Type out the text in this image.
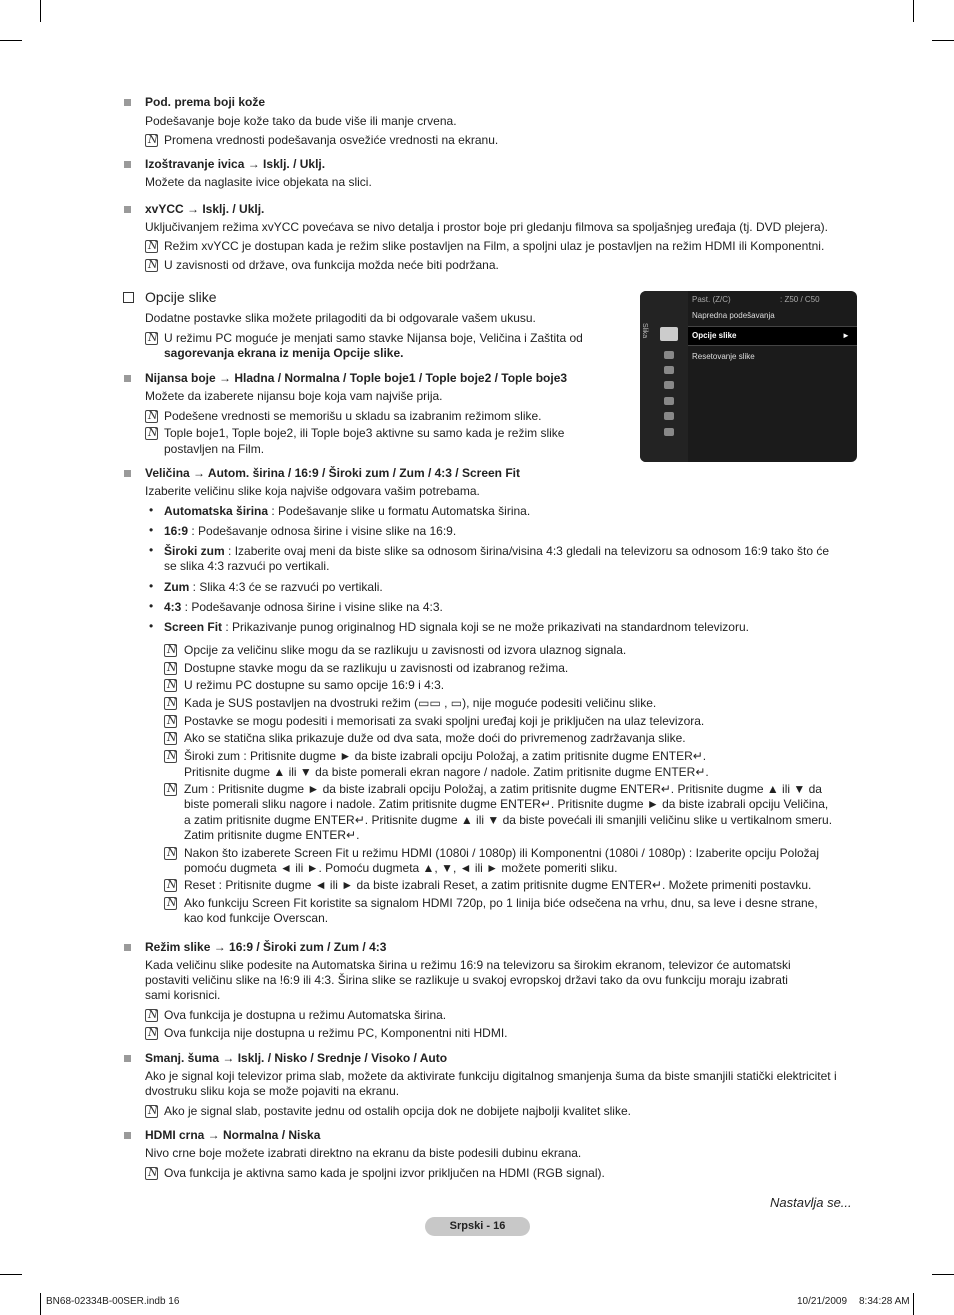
Pod. prema boji kože
Podešavanje boje kože tako da bude više ili manje crvena.
N
Promena vrednosti podešavanja osvežiće vrednosti na ekranu.
Izoštravanje ivica → Isklj. / Uklj.
Možete da naglasite ivice objekata na slici.
xvYCC → Isklj. / Uklj.
Uključivanjem režima xvYCC povećava se nivo detalja i prostor boje pri gledanju filmova sa spoljašnjeg uređaja (tj. DVD plejera).
N
Režim xvYCC je dostupan kada je režim slike postavljen na Film, a spoljni ulaz je postavljen na režim HDMI ili Komponentni.
N
U zavisnosti od države, ova funkcija možda neće biti podržana.
Opcije slike
Dodatne postavke slika možete prilagoditi da bi odgovarale vašem ukusu.
N
U režimu PC moguće je menjati samo stavke Nijansa boje, Veličina i Zaštita od
sagorevanja ekrana iz menija Opcije slike.
Slika
Past. (Z/C)	: Z50 / C50
Napredna podešavanja
Opcije slike	►
Resetovanje slike
Nijansa boje → Hladna / Normalna / Tople boje1 / Tople boje2 / Tople boje3
Možete da izaberete nijansu boje koja vam najviše prija.
N
Podešene vrednosti se memorišu u skladu sa izabranim režimom slike.
N
Tople boje1, Tople boje2, ili Tople boje3 aktivne su samo kada je režim slike
postavljen na Film.
Veličina → Autom. širina / 16:9 / Široki zum / Zum / 4:3 / Screen Fit
Izaberite veličinu slike koja najviše odgovara vašim potrebama.
• Automatska širina : Podešavanje slike u formatu Automatska širina.
• 16:9 : Podešavanje odnosa širine i visine slike na 16:9.
• Široki zum : Izaberite ovaj meni da biste slike sa odnosom širina/visina 4:3 gledali na televizoru sa odnosom 16:9 tako što će
se slika 4:3 razvući po vertikali.
• Zum : Slika 4:3 će se razvući po vertikali.
• 4:3 : Podešavanje odnosa širine i visine slike na 4:3.
• Screen Fit : Prikazivanje punog originalnog HD signala koji se ne može prikazivati na standardnom televizoru.
N
Opcije za veličinu slike mogu da se razlikuju u zavisnosti od izvora ulaznog signala.
N
Dostupne stavke mogu da se razlikuju u zavisnosti od izabranog režima.
N
U režimu PC dostupne su samo opcije 16:9 i 4:3.
N
Kada je SUS postavljen na dvostruki režim (▭▭ , ▭), nije moguće podesiti veličinu slike.
N
Postavke se mogu podesiti i memorisati za svaki spoljni uređaj koji je priključen na ulaz televizora.
N
Ako se statična slika prikazuje duže od dva sata, može doći do privremenog zadržavanja slike.
N
Široki zum : Pritisnite dugme ► da biste izabrali opciju Položaj, a zatim pritisnite dugme ENTER↵.
Pritisnite dugme ▲ ili ▼ da biste pomerali ekran nagore / nadole. Zatim pritisnite dugme ENTER↵.
N
Zum : Pritisnite dugme ► da biste izabrali opciju Položaj, a zatim pritisnite dugme ENTER↵. Pritisnite dugme ▲ ili ▼ da
biste pomerali sliku nagore i nadole. Zatim pritisnite dugme ENTER↵. Pritisnite dugme ► da biste izabrali opciju Veličina,
a zatim pritisnite dugme ENTER↵. Pritisnite dugme ▲ ili ▼ da biste povećali ili smanjili veličinu slike u vertikalnom smeru.
Zatim pritisnite dugme ENTER↵.
N
Nakon što izaberete Screen Fit u režimu HDMI (1080i / 1080p) ili Komponentni (1080i / 1080p) : Izaberite opciju Položaj
pomoću dugmeta ◄ ili ►. Pomoću dugmeta ▲, ▼, ◄ ili ► možete pomeriti sliku.
N
Reset : Pritisnite dugme ◄ ili ► da biste izabrali Reset, a zatim pritisnite dugme ENTER↵. Možete primeniti postavku.
N
Ako funkciju Screen Fit koristite sa signalom HDMI 720p, po 1 linija biće odsečena na vrhu, dnu, sa leve i desne strane,
kao kod funkcije Overscan.
Režim slike → 16:9 / Široki zum / Zum / 4:3
Kada veličinu slike podesite na Automatska širina u režimu 16:9 na televizoru sa širokim ekranom, televizor će automatski
postaviti veličinu slike na !6:9 ili 4:3. Širina slike se razlikuje u svakoj evropskoj državi tako da ovu funkciju moraju izabrati
sami korisnici.
N
Ova funkcija je dostupna u režimu Automatska širina.
N
Ova funkcija nije dostupna u režimu PC, Komponentni niti HDMI.
Smanj. šuma → Isklj. / Nisko / Srednje / Visoko / Auto
Ako je signal koji televizor prima slab, možete da aktivirate funkciju digitalnog smanjenja šuma da biste smanjili statički elektricitet i
dvostruku sliku koja se može pojaviti na ekranu.
N
Ako je signal slab, postavite jednu od ostalih opcija dok ne dobijete najbolji kvalitet slike.
HDMI crna → Normalna / Niska
Nivo crne boje možete izabrati direktno na ekranu da biste podesili dubinu ekrana.
N
Ova funkcija je aktivna samo kada je spoljni izvor priključen na HDMI (RGB signal).
Nastavlja se...
Srpski - 16
BN68-02334B-00SER.indb 16	10/21/2009 8:34:28 AM
